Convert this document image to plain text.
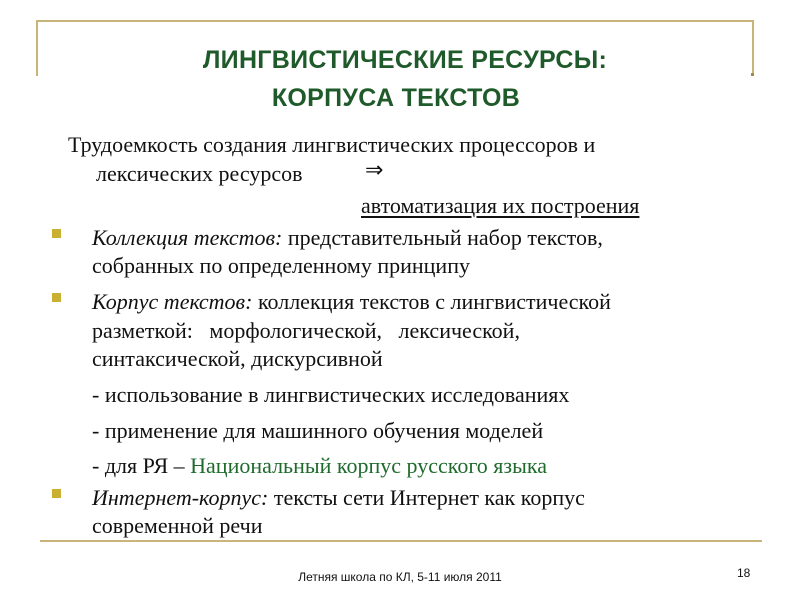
ЛИНГВИСТИЧЕСКИЕ РЕСУРСЫ:
КОРПУСА ТЕКСТОВ
Трудоемкость создания лингвистических процессоров и
лексических ресурсов	⇒
автоматизация их построения
Коллекция текстов: представительный набор текстов,
собранных по определенному принципу
Корпус текстов: коллекция текстов с лингвистической
разметкой:   морфологической,   лексической,
синтаксической, дискурсивной
- использование в лингвистических исследованиях
- применение для машинного обучения моделей
- для РЯ – Национальный корпус русского языка
Интернет-корпус: тексты сети Интернет как корпус
современной речи
Летняя школа по КЛ, 5-11 июля 2011	18
